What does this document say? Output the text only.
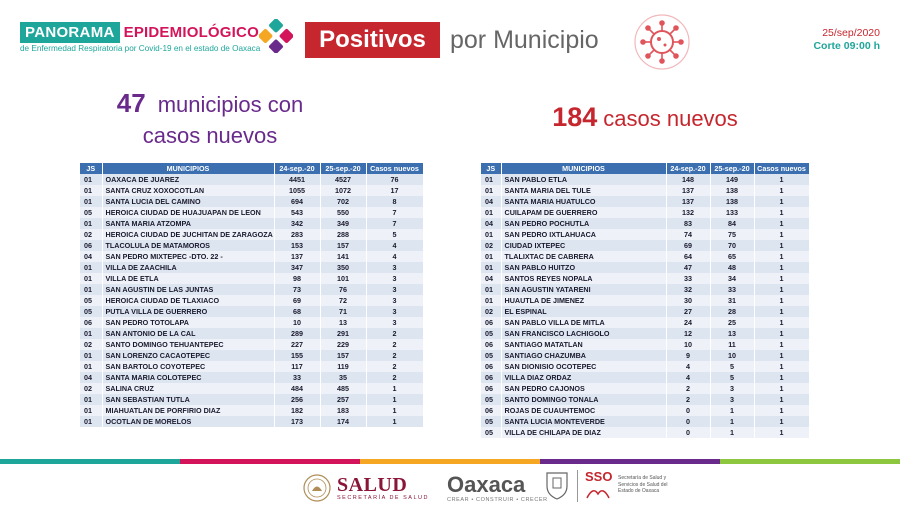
PANORAMA EPIDEMIOLÓGICO
de Enfermedad Respiratoria por Covid-19 en el estado de Oaxaca	Positivos por Municipio	25/sep/2020
Corte 09:00 h
47 municipios con
casos nuevos
184 casos nuevos
JS	MUNICIPIOS	24-sep.-20	25-sep.-20	Casos nuevos
01	OAXACA DE JUAREZ	4451	4527	76
01	SANTA CRUZ XOXOCOTLAN	1055	1072	17
01	SANTA LUCIA DEL CAMINO	694	702	8
05	HEROICA CIUDAD DE HUAJUAPAN DE LEON	543	550	7
01	SANTA MARIA ATZOMPA	342	349	7
02	HEROICA CIUDAD DE JUCHITAN DE ZARAGOZA	283	288	5
06	TLACOLULA DE MATAMOROS	153	157	4
04	SAN PEDRO MIXTEPEC -DTO. 22 -	137	141	4
01	VILLA DE ZAACHILA	347	350	3
01	VILLA DE ETLA	98	101	3
01	SAN AGUSTIN DE LAS JUNTAS	73	76	3
05	HEROICA CIUDAD DE TLAXIACO	69	72	3
05	PUTLA VILLA DE GUERRERO	68	71	3
06	SAN PEDRO TOTOLAPA	10	13	3
01	SAN ANTONIO DE LA CAL	289	291	2
02	SANTO DOMINGO TEHUANTEPEC	227	229	2
01	SAN LORENZO CACAOTEPEC	155	157	2
01	SAN BARTOLO COYOTEPEC	117	119	2
04	SANTA MARIA COLOTEPEC	33	35	2
02	SALINA CRUZ	484	485	1
01	SAN SEBASTIAN TUTLA	256	257	1
01	MIAHUATLAN DE PORFIRIO DIAZ	182	183	1
01	OCOTLAN DE MORELOS	173	174	1
JS	MUNICIPIOS	24-sep.-20	25-sep.-20	Casos nuevos
01	SAN PABLO ETLA	148	149	1
01	SANTA MARIA DEL TULE	137	138	1
04	SANTA MARIA HUATULCO	137	138	1
01	CUILAPAM DE GUERRERO	132	133	1
04	SAN PEDRO POCHUTLA	83	84	1
01	SAN PEDRO IXTLAHUACA	74	75	1
02	CIUDAD IXTEPEC	69	70	1
01	TLALIXTAC DE CABRERA	64	65	1
01	SAN PABLO HUITZO	47	48	1
04	SANTOS REYES NOPALA	33	34	1
01	SAN AGUSTIN YATARENI	32	33	1
01	HUAUTLA DE JIMENEZ	30	31	1
02	EL ESPINAL	27	28	1
06	SAN PABLO VILLA DE MITLA	24	25	1
05	SAN FRANCISCO LACHIGOLO	12	13	1
06	SANTIAGO MATATLAN	10	11	1
05	SANTIAGO CHAZUMBA	9	10	1
06	SAN DIONISIO OCOTEPEC	4	5	1
06	VILLA DIAZ ORDAZ	4	5	1
06	SAN PEDRO CAJONOS	2	3	1
05	SANTO DOMINGO TONALA	2	3	1
06	ROJAS DE CUAUHTEMOC	0	1	1
05	SANTA LUCIA MONTEVERDE	0	1	1
05	VILLA DE CHILAPA DE DIAZ	0	1	1
SALUD
SECRETARÍA DE SALUD
Oaxaca
CREAR • CONSTRUIR • CRECER
SSO Secretaría de Salud y Servicios de Salud del Estado de Oaxaca
